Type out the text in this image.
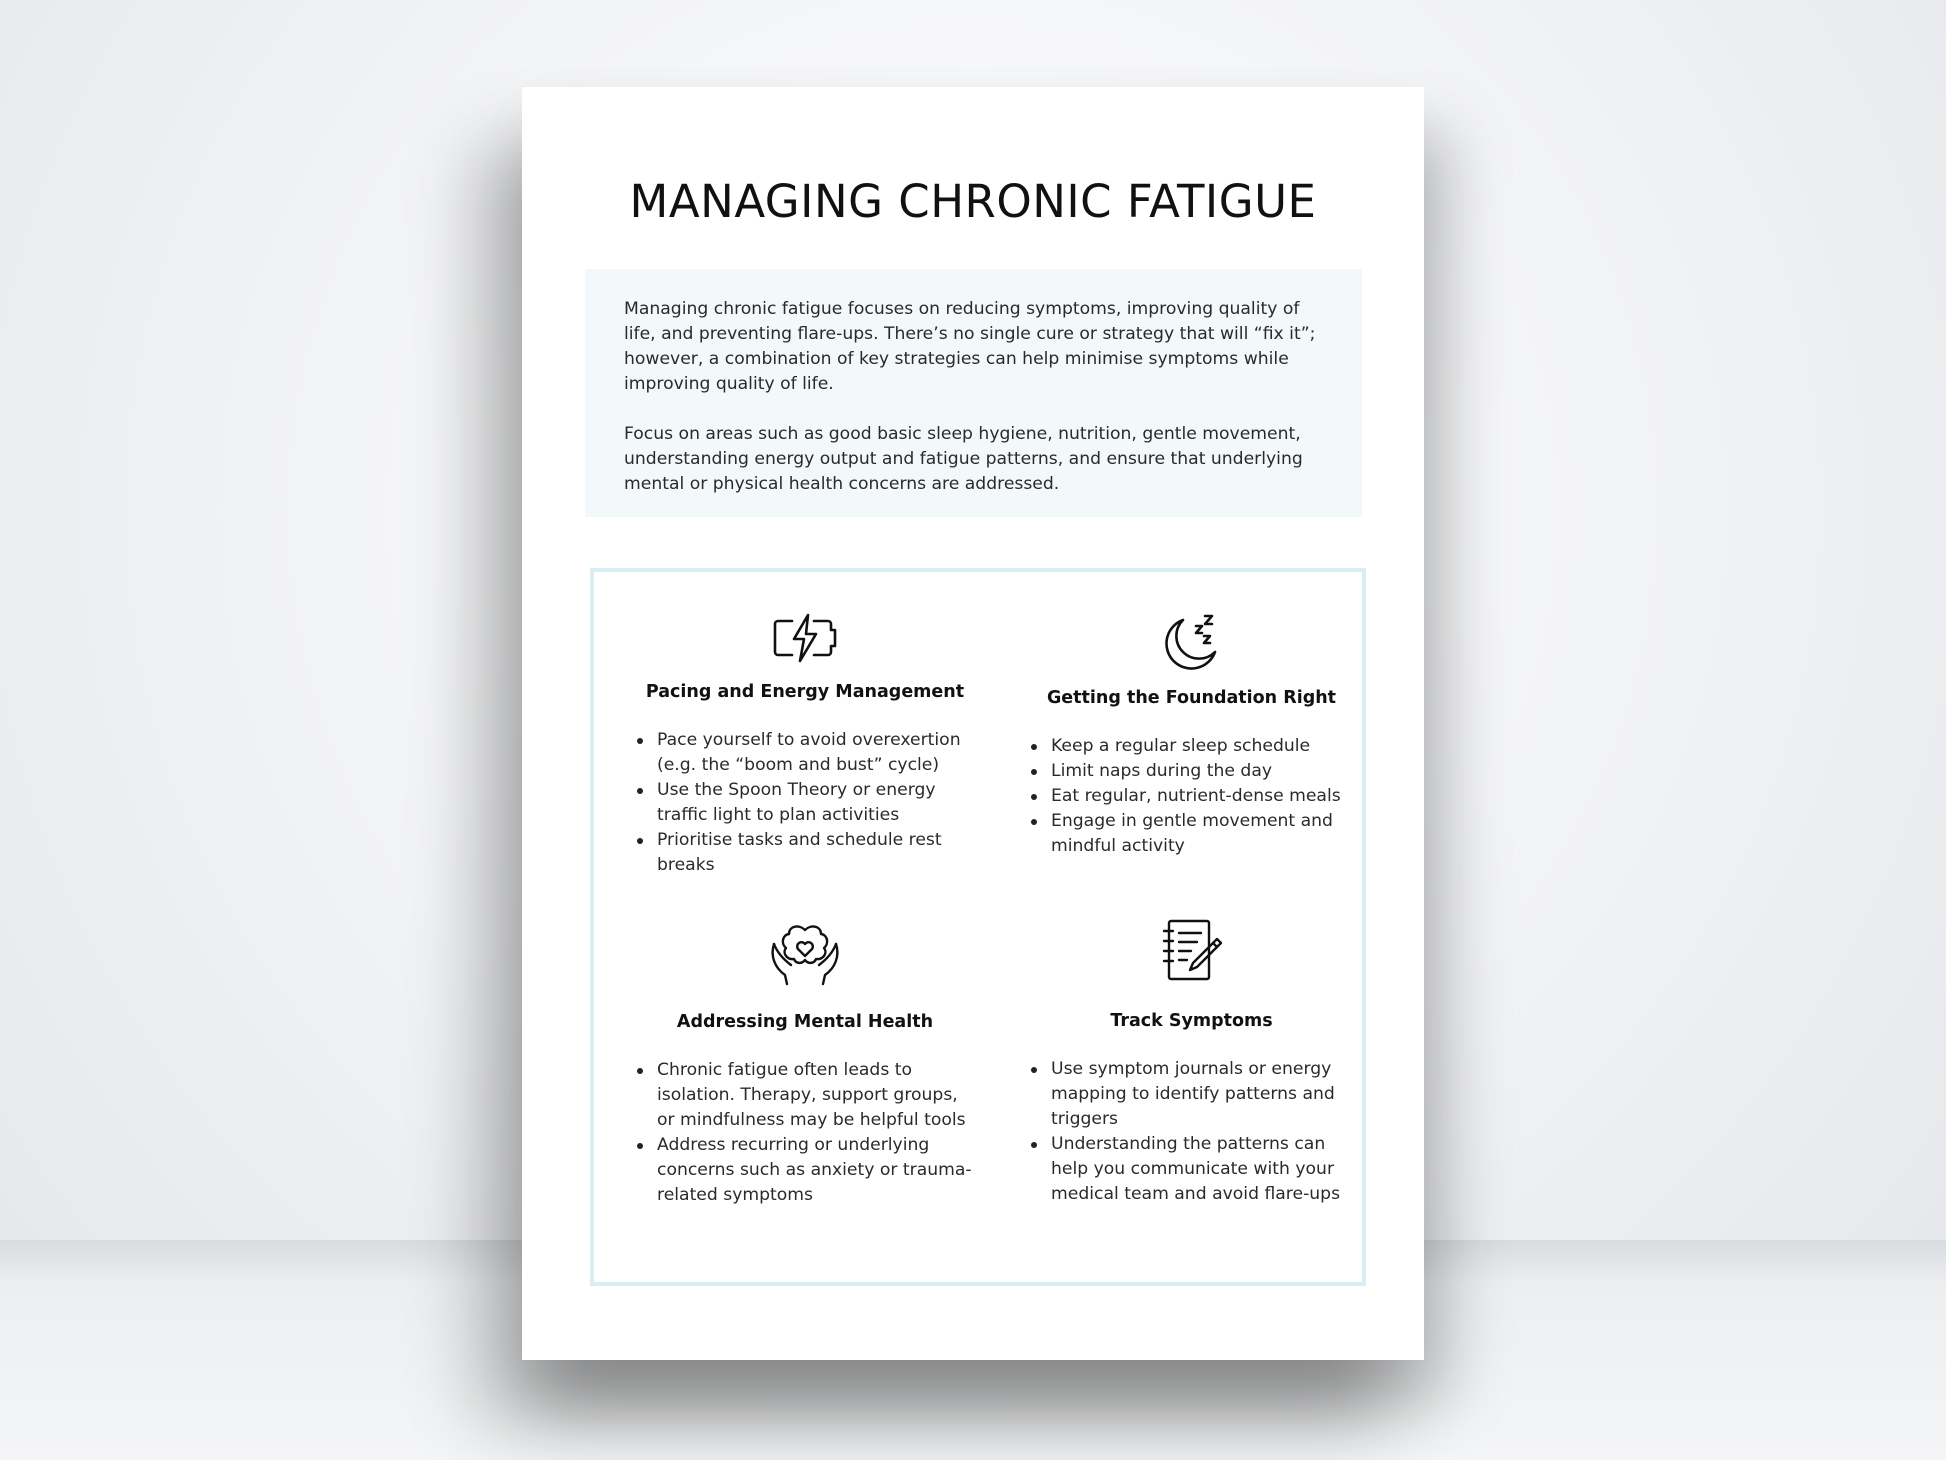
MANAGING CHRONIC FATIGUE

Managing chronic fatigue focuses on reducing symptoms, improving quality of life, and preventing flare-ups. There’s no single cure or strategy that will “fix it”; however, a combination of key strategies can help minimise symptoms while improving quality of life.

Focus on areas such as good basic sleep hygiene, nutrition, gentle movement, understanding energy output and fatigue patterns, and ensure that underlying mental or physical health concerns are addressed.

Pacing and Energy Management
Pace yourself to avoid overexertion (e.g. the “boom and bust” cycle)
Use the Spoon Theory or energy traffic light to plan activities
Prioritise tasks and schedule rest breaks
Getting the Foundation Right
Keep a regular sleep schedule
Limit naps during the day
Eat regular, nutrient-dense meals
Engage in gentle movement and mindful activity
Addressing Mental Health
Chronic fatigue often leads to isolation. Therapy, support groups, or mindfulness may be helpful tools
Address recurring or underlying concerns such as anxiety or trauma-related symptoms
Track Symptoms
Use symptom journals or energy mapping to identify patterns and triggers
Understanding the patterns can help you communicate with your medical team and avoid flare-ups
